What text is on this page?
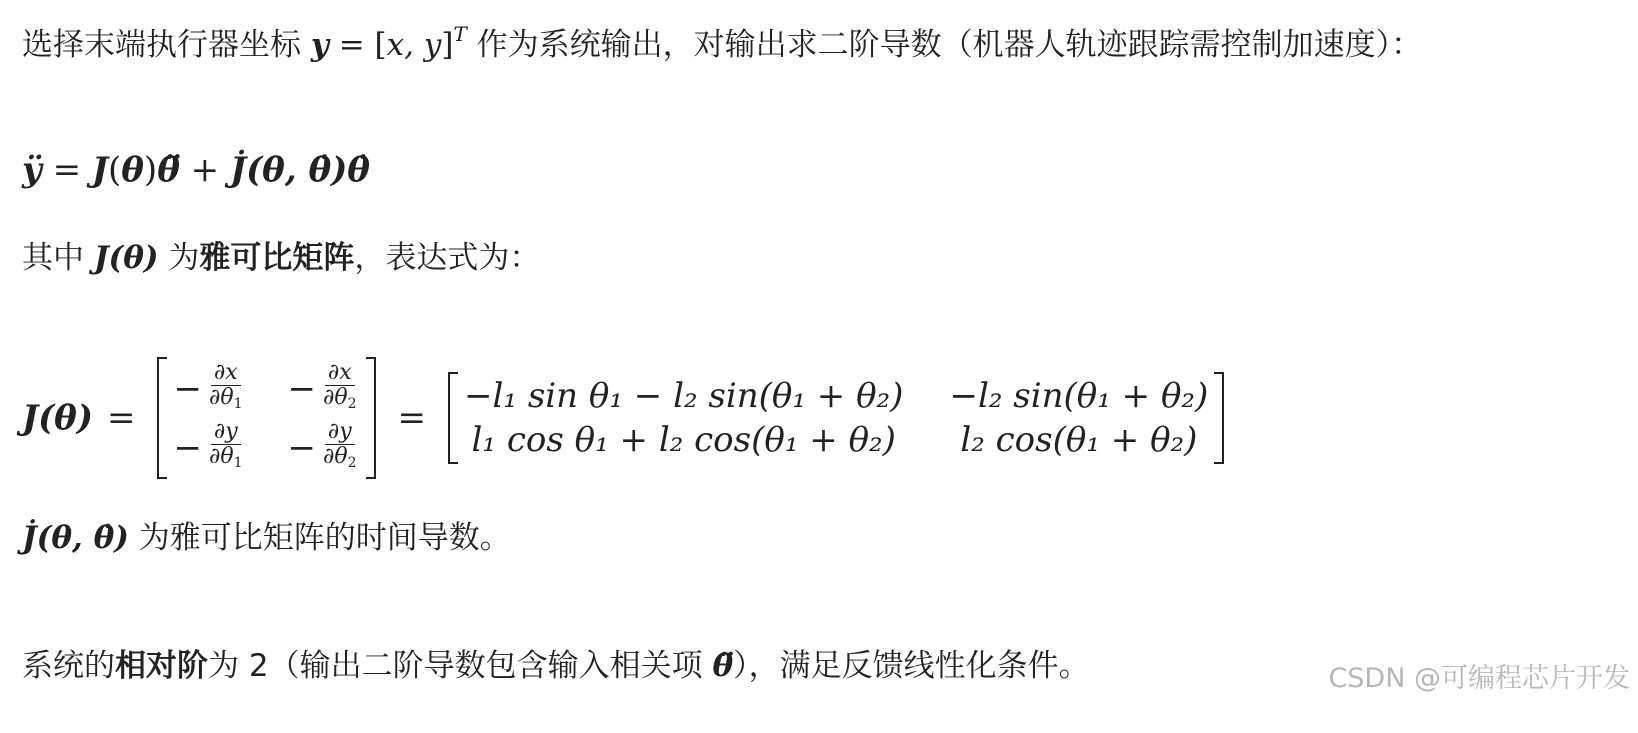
选择末端执行器坐标 y = [x, y]$^T$ 作为系统输出，对输出求二阶导数（机器人轨迹跟踪需控制加速度）：
ÿ = J(θ)θ̈ + J̇(θ, θ̇)θ̇
其中 J(θ) 为雅可比矩阵，表达式为：
J(θ) =
− $\frac{\partial x}{\partial\theta 1} - \frac{\partial x}{\partial\theta 2}$
− $\frac{\partial y}{\partial\theta 1} - \frac{\partial y}{\partial\theta 2}$
=
−l₁ sin θ₁ − l₂ sin(θ₁ + θ₂) −l₂ sin(θ₁ + θ₂)
l₁ cos θ₁ + l₂ cos(θ₁ + θ₂)	l₂ cos(θ₁ + θ₂)
J̇(θ, θ̇) 为雅可比矩阵的时间导数。
系统的相对阶为 2（输出二阶导数包含输入相关项 θ̈），满足反馈线性化条件。	CSDN @可编程芯片开发
